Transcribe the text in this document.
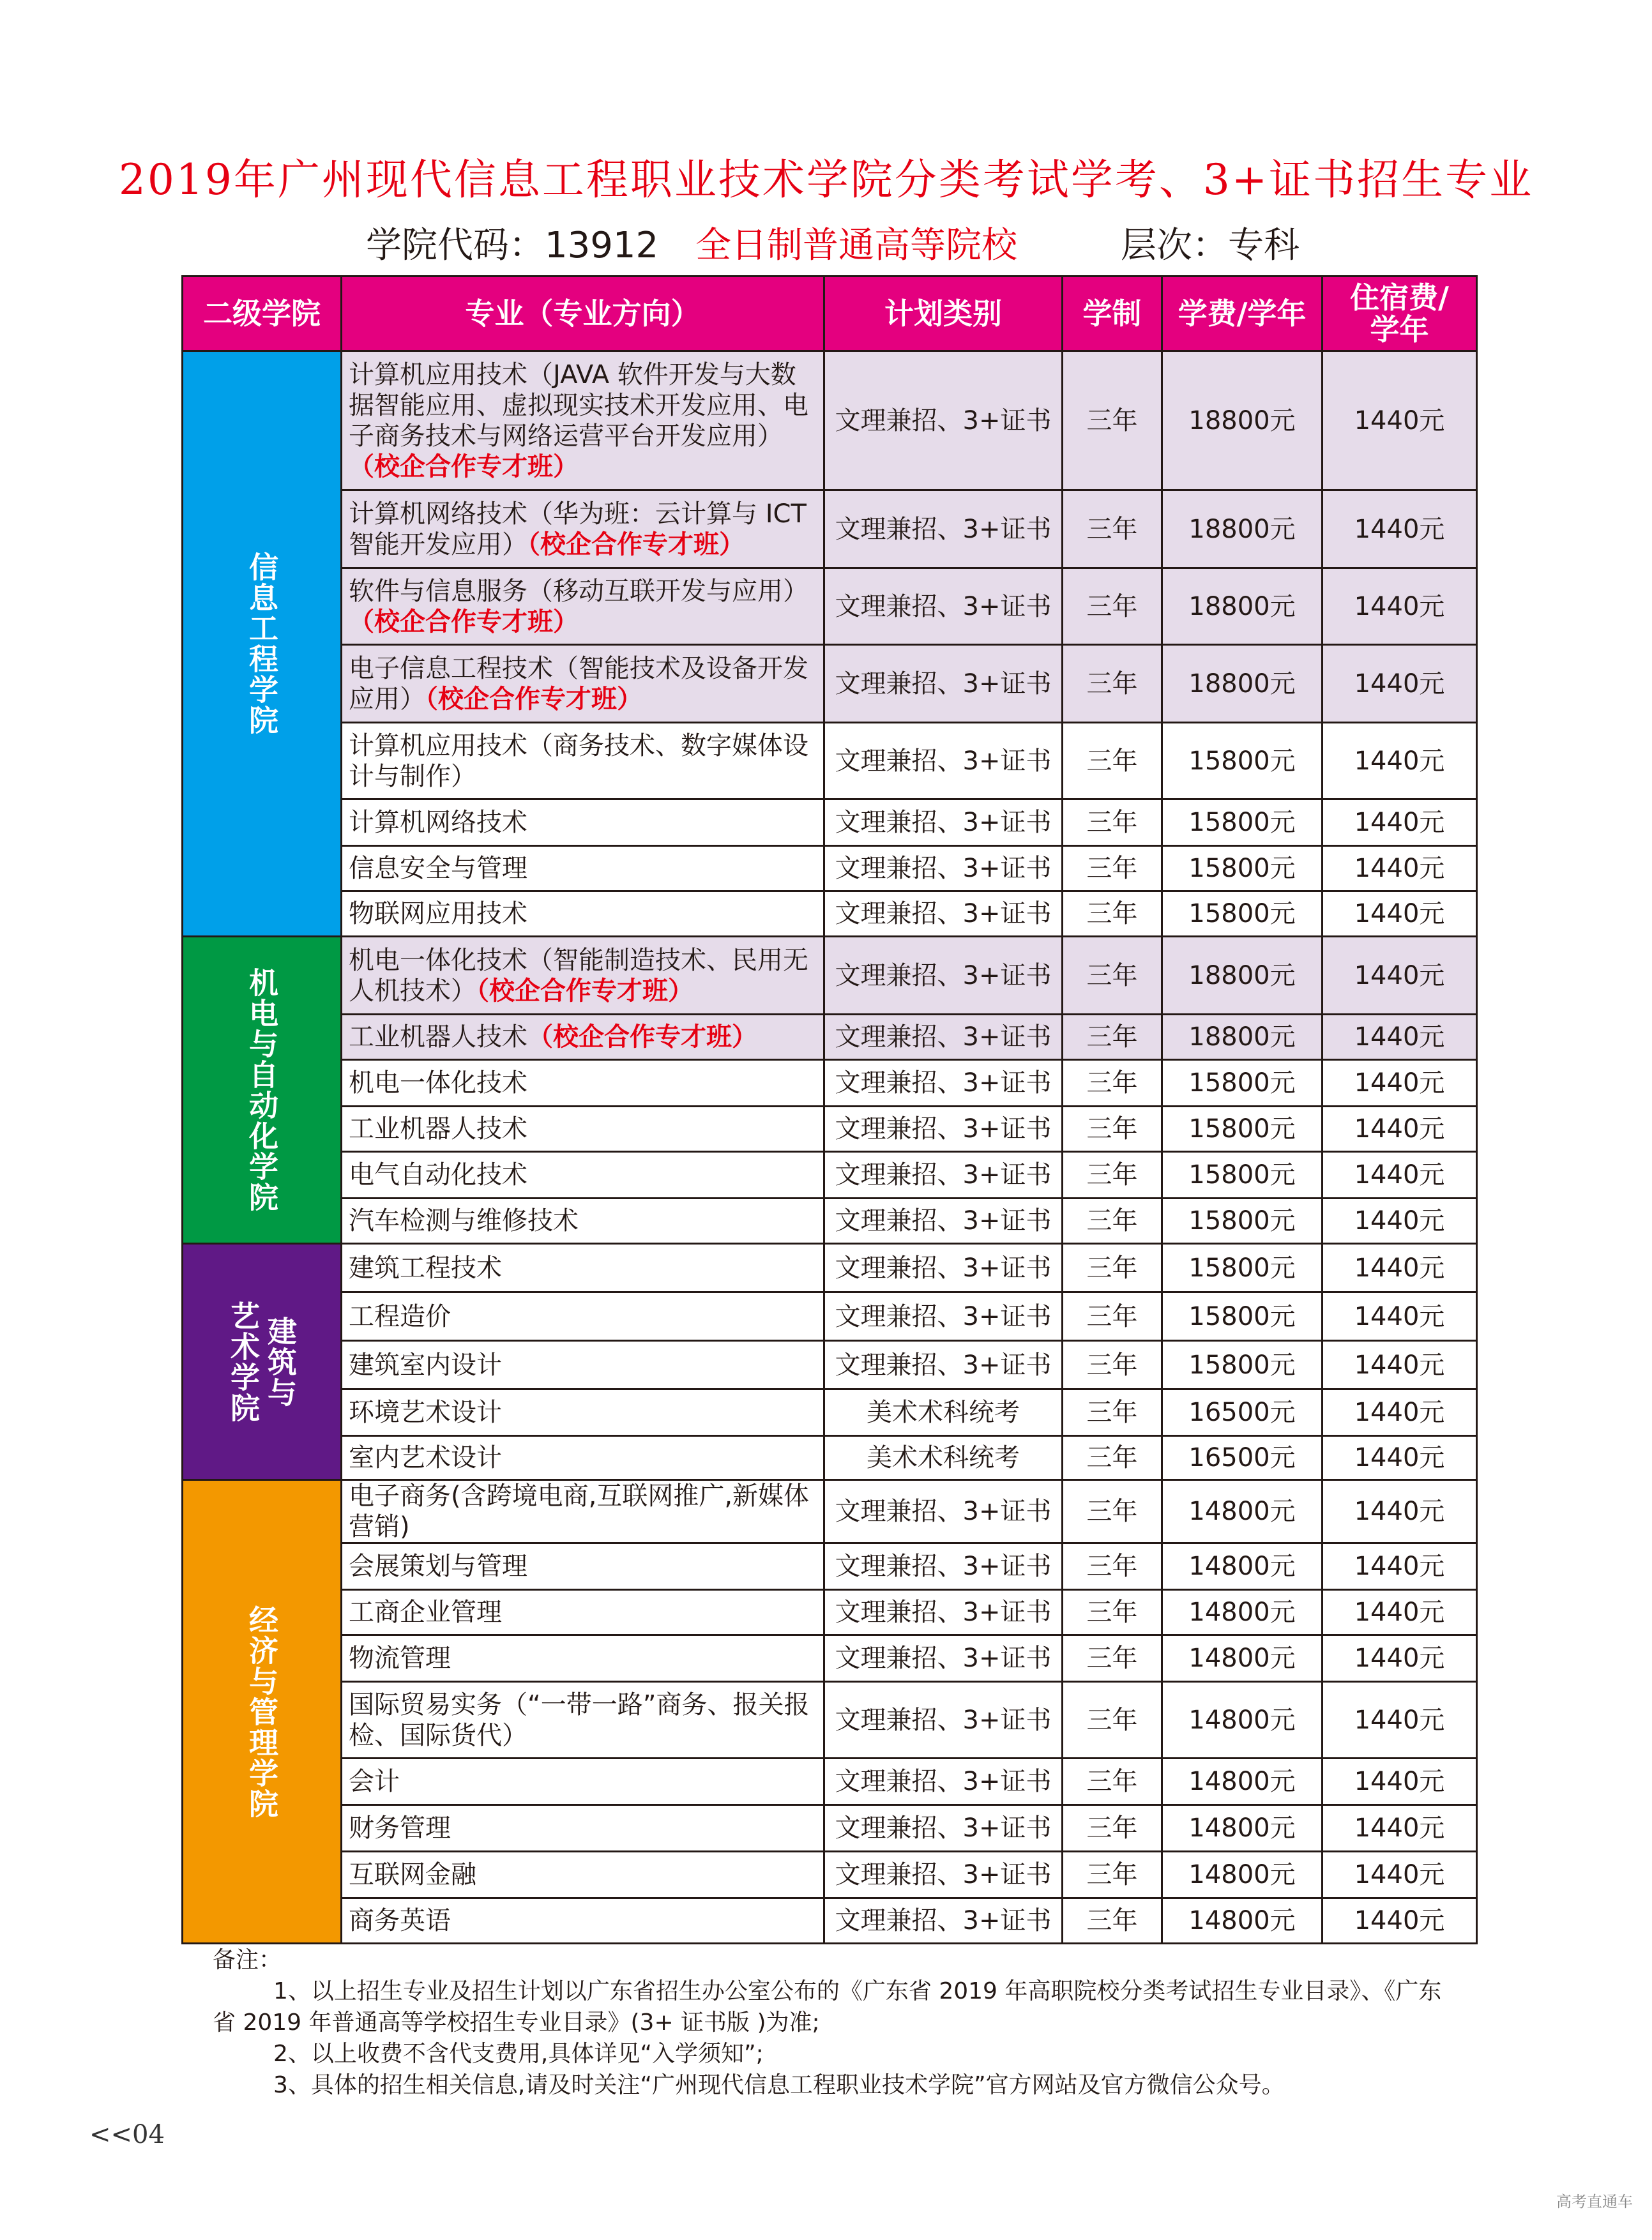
2019年广州现代信息工程职业技术学院分类考试学考、3+证书招生专业
学院代码：13912 全日制普通高等院校	层次：专科
二级学院	专业（专业方向）	计划类别	学制	学费/学年	住宿费/学年

信息工程学院	计算机应用技术（JAVA 软件开发与大数据智能应用、虚拟现实技术开发应用、电子商务技术与网络运营平台开发应用）（校企合作专才班）	文理兼招、3+证书	三年	18800元	1440元
	计算机网络技术（华为班：云计算与 ICT 智能开发应用）（校企合作专才班）	文理兼招、3+证书	三年	18800元	1440元
	软件与信息服务（移动互联开发与应用）（校企合作专才班）	文理兼招、3+证书	三年	18800元	1440元
	电子信息工程技术（智能技术及设备开发应用）（校企合作专才班）	文理兼招、3+证书	三年	18800元	1440元
	计算机应用技术（商务技术、数字媒体设计与制作）	文理兼招、3+证书	三年	15800元	1440元
	计算机网络技术	文理兼招、3+证书	三年	15800元	1440元
	信息安全与管理	文理兼招、3+证书	三年	15800元	1440元
	物联网应用技术	文理兼招、3+证书	三年	15800元	1440元

机电与自动化学院	机电一体化技术（智能制造技术、民用无人机技术）（校企合作专才班）	文理兼招、3+证书	三年	18800元	1440元
	工业机器人技术（校企合作专才班）	文理兼招、3+证书	三年	18800元	1440元
	机电一体化技术	文理兼招、3+证书	三年	15800元	1440元
	工业机器人技术	文理兼招、3+证书	三年	15800元	1440元
	电气自动化技术	文理兼招、3+证书	三年	15800元	1440元
	汽车检测与维修技术	文理兼招、3+证书	三年	15800元	1440元

建筑与
艺术学院	建筑工程技术	文理兼招、3+证书	三年	15800元	1440元
	工程造价	文理兼招、3+证书	三年	15800元	1440元
	建筑室内设计	文理兼招、3+证书	三年	15800元	1440元
	环境艺术设计	美术术科统考	三年	16500元	1440元
	室内艺术设计	美术术科统考	三年	16500元	1440元

经济与管理学院	电子商务(含跨境电商,互联网推广,新媒体营销)	文理兼招、3+证书	三年	14800元	1440元
	会展策划与管理	文理兼招、3+证书	三年	14800元	1440元
	工商企业管理	文理兼招、3+证书	三年	14800元	1440元
	物流管理	文理兼招、3+证书	三年	14800元	1440元
	国际贸易实务（“一带一路”商务、报关报检、国际货代）	文理兼招、3+证书	三年	14800元	1440元
	会计	文理兼招、3+证书	三年	14800元	1440元
	财务管理	文理兼招、3+证书	三年	14800元	1440元
	互联网金融	文理兼招、3+证书	三年	14800元	1440元
	商务英语	文理兼招、3+证书	三年	14800元	1440元

备注：

1、以上招生专业及招生计划以广东省招生办公室公布的《广东省 2019 年高职院校分类考试招生专业目录》、《广东省 2019 年普通高等学校招生专业目录》(3+ 证书版 )为准;

2、以上收费不含代支费用,具体详见“入学须知”;

3、具体的招生相关信息,请及时关注“广州现代信息工程职业技术学院”官方网站及官方微信公众号。

<<04
高考直通车
